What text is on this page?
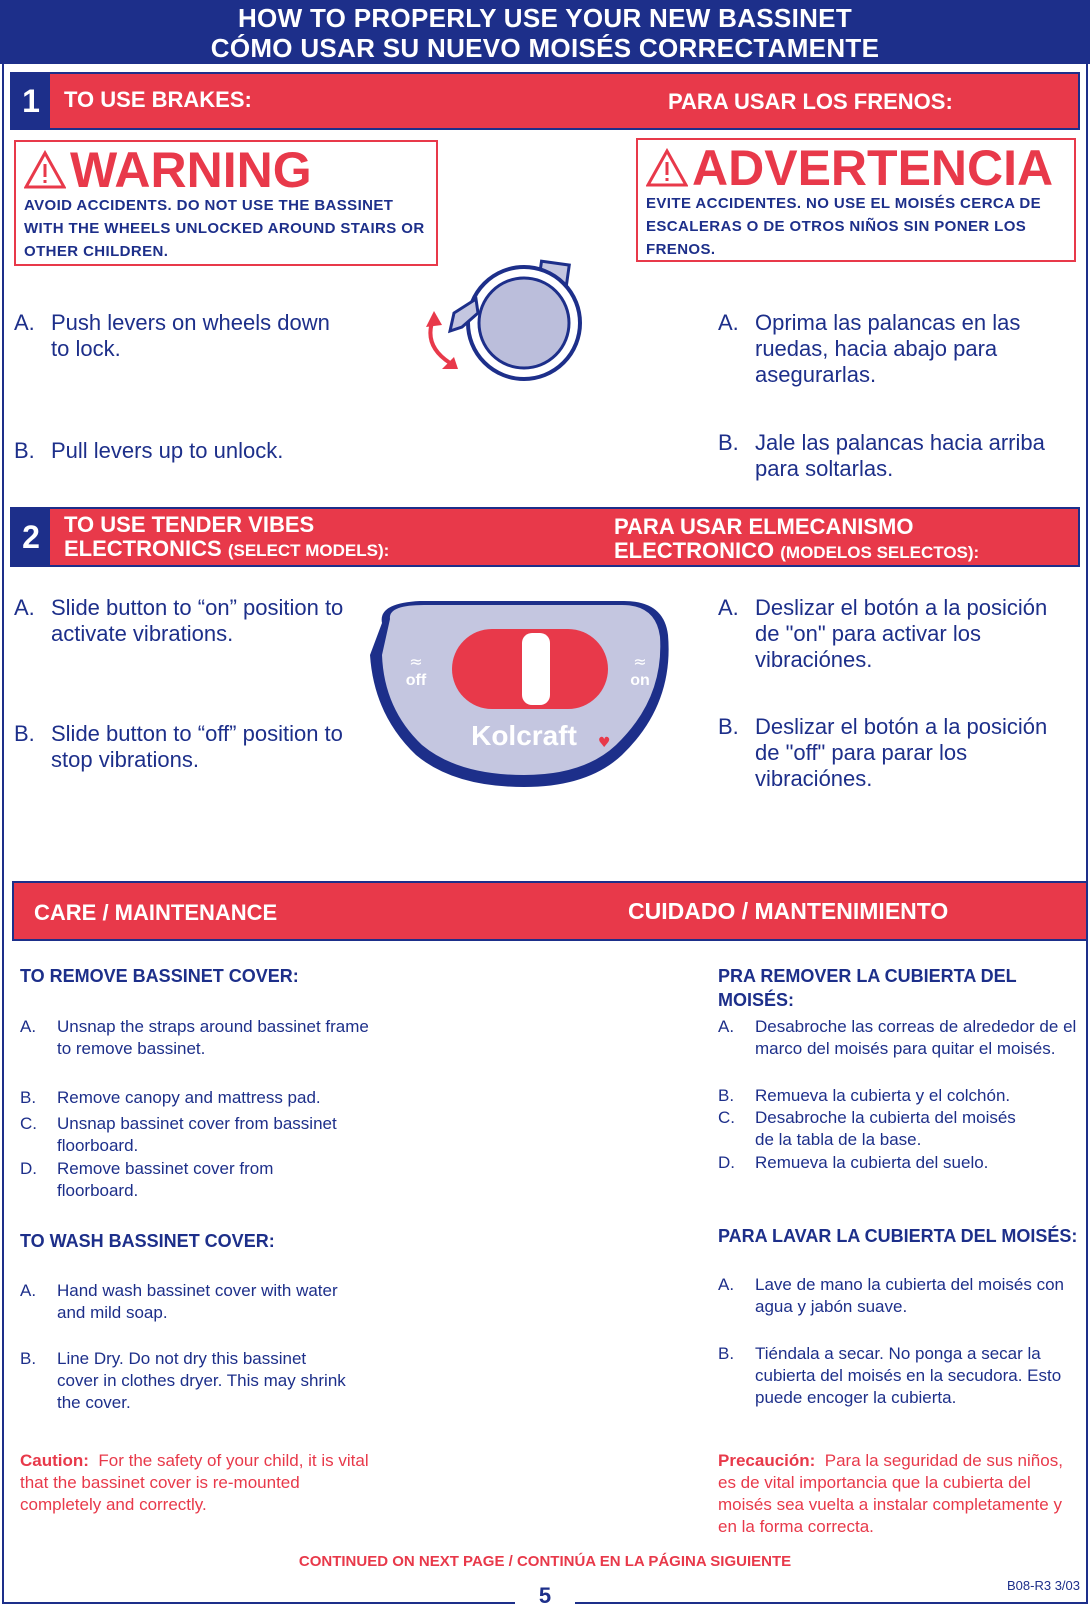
HOW TO PROPERLY USE YOUR NEW BASSINET
CÓMO USAR SU NUEVO MOISÉS CORRECTAMENTE
1	TO USE BRAKES:	PARA USAR LOS FRENOS:
WARNING
AVOID ACCIDENTS. DO NOT USE THE BASSINET WITH THE WHEELS UNLOCKED AROUND STAIRS OR OTHER CHILDREN.
ADVERTENCIA
EVITE ACCIDENTES. NO USE EL MOISÉS CERCA DE ESCALERAS O DE OTROS NIÑOS SIN PONER LOS FRENOS.
A. Push levers on wheels down to lock.
B. Pull levers up to unlock.
A. Oprima las palancas en las ruedas, hacia abajo para asegurarlas.
B. Jale las palancas hacia arriba para soltarlas.
2	TO USE TENDER VIBES
ELECTRONICS (SELECT MODELS):
PARA USAR ELMECANISMO
ELECTRONICO (MODELOS SELECTOS):
off	on
≈	≈
Kolcraft ♥
A. Slide button to “on” position to activate vibrations.
B. Slide button to “off” position to stop vibrations.
A. Deslizar el botón a la posición de "on" para activar los vibraciónes.
B. Deslizar el botón a la posición de "off" para parar los vibraciónes.
CARE / MAINTENANCE	CUIDADO / MANTENIMIENTO
TO REMOVE BASSINET COVER:
A. Unsnap the straps around bassinet frame to remove bassinet.
B. Remove canopy and mattress pad.
C. Unsnap bassinet cover from bassinet floorboard.
D. Remove bassinet cover from floorboard.
TO WASH BASSINET COVER:
A. Hand wash bassinet cover with water and mild soap.
B. Line Dry. Do not dry this bassinet cover in clothes dryer. This may shrink the cover.
Caution: For the safety of your child, it is vital that the bassinet cover is re-mounted completely and correctly.
PRA REMOVER LA CUBIERTA DEL MOISÉS:
A. Desabroche las correas de alrededor de el marco del moisés para quitar el moisés.
B. Remueva la cubierta y el colchón.
C. Desabroche la cubierta del moisés de la tabla de la base.
D. Remueva la cubierta del suelo.
PARA LAVAR LA CUBIERTA DEL MOISÉS:
A. Lave de mano la cubierta del moisés con agua y jabón suave.
B. Tiéndala a secar. No ponga a secar la cubierta del moisés en la secudora. Esto puede encoger la cubierta.
Precaución: Para la seguridad de sus niños, es de vital importancia que la cubierta del moisés sea vuelta a instalar completamente y en la forma correcta.
CONTINUED ON NEXT PAGE / CONTINÚA EN LA PÁGINA SIGUIENTE
B08-R3 3/03
5
